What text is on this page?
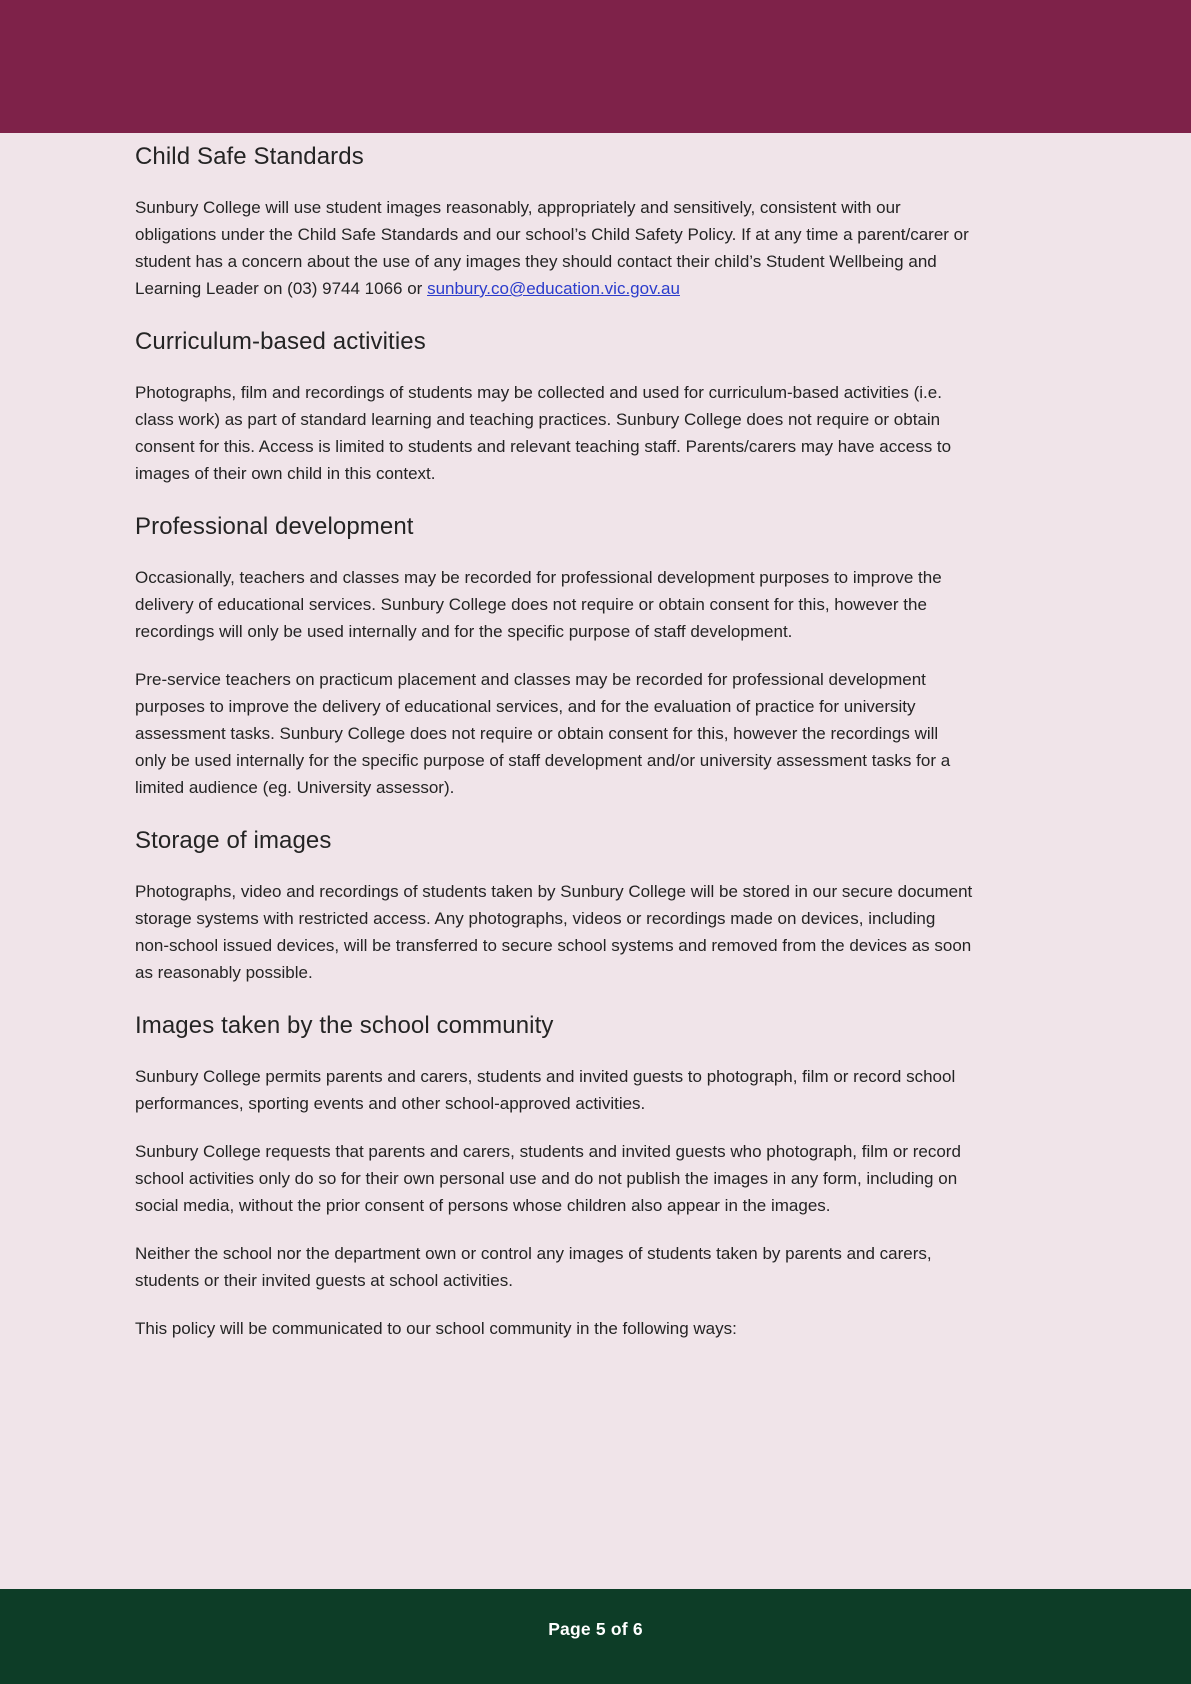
Child Safe Standards

Sunbury College will use student images reasonably, appropriately and sensitively, consistent with our obligations under the Child Safe Standards and our school’s Child Safety Policy. If at any time a parent/carer or student has a concern about the use of any images they should contact their child’s Student Wellbeing and Learning Leader on (03) 9744 1066 or sunbury.co@education.vic.gov.au

Curriculum-based activities

Photographs, film and recordings of students may be collected and used for curriculum-based activities (i.e. class work) as part of standard learning and teaching practices. Sunbury College does not require or obtain consent for this. Access is limited to students and relevant teaching staff. Parents/carers may have access to images of their own child in this context.

Professional development

Occasionally, teachers and classes may be recorded for professional development purposes to improve the delivery of educational services. Sunbury College does not require or obtain consent for this, however the recordings will only be used internally and for the specific purpose of staff development.

Pre-service teachers on practicum placement and classes may be recorded for professional development purposes to improve the delivery of educational services, and for the evaluation of practice for university assessment tasks. Sunbury College does not require or obtain consent for this, however the recordings will only be used internally for the specific purpose of staff development and/or university assessment tasks for a limited audience (eg. University assessor).

Storage of images

Photographs, video and recordings of students taken by Sunbury College will be stored in our secure document storage systems with restricted access. Any photographs, videos or recordings made on devices, including non-school issued devices, will be transferred to secure school systems and removed from the devices as soon as reasonably possible.

Images taken by the school community

Sunbury College permits parents and carers, students and invited guests to photograph, film or record school performances, sporting events and other school-approved activities.

Sunbury College requests that parents and carers, students and invited guests who photograph, film or record school activities only do so for their own personal use and do not publish the images in any form, including on social media, without the prior consent of persons whose children also appear in the images.

Neither the school nor the department own or control any images of students taken by parents and carers, students or their invited guests at school activities.

This policy will be communicated to our school community in the following ways:

Page 5 of 6
